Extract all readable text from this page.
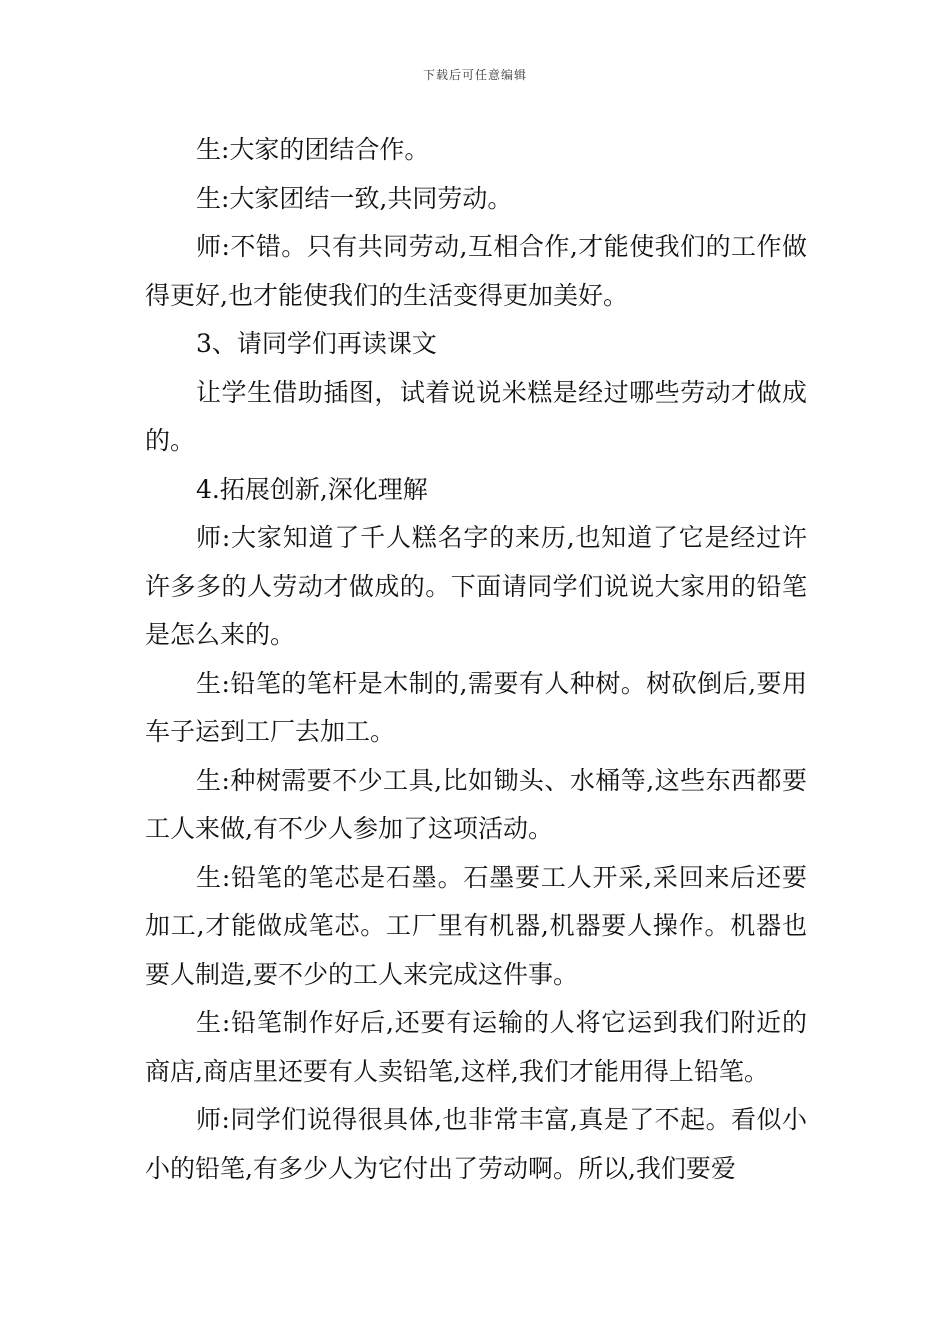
下载后可任意编辑

生:大家的团结合作。

生:大家团结一致,共同劳动。

师:不错。只有共同劳动,互相合作,才能使我们的工作做得更好,也才能使我们的生活变得更加美好。

3、请同学们再读课文

让学生借助插图，试着说说米糕是经过哪些劳动才做成的。

4.拓展创新,深化理解

师:大家知道了千人糕名字的来历,也知道了它是经过许许多多的人劳动才做成的。下面请同学们说说大家用的铅笔是怎么来的。

生:铅笔的笔杆是木制的,需要有人种树。树砍倒后,要用车子运到工厂去加工。

生:种树需要不少工具,比如锄头、水桶等,这些东西都要工人来做,有不少人参加了这项活动。

生:铅笔的笔芯是石墨。石墨要工人开采,采回来后还要加工,才能做成笔芯。工厂里有机器,机器要人操作。机器也要人制造,要不少的工人来完成这件事。

生:铅笔制作好后,还要有运输的人将它运到我们附近的商店,商店里还要有人卖铅笔,这样,我们才能用得上铅笔。

师:同学们说得很具体,也非常丰富,真是了不起。看似小小的铅笔,有多少人为它付出了劳动啊。所以,我们要爱
